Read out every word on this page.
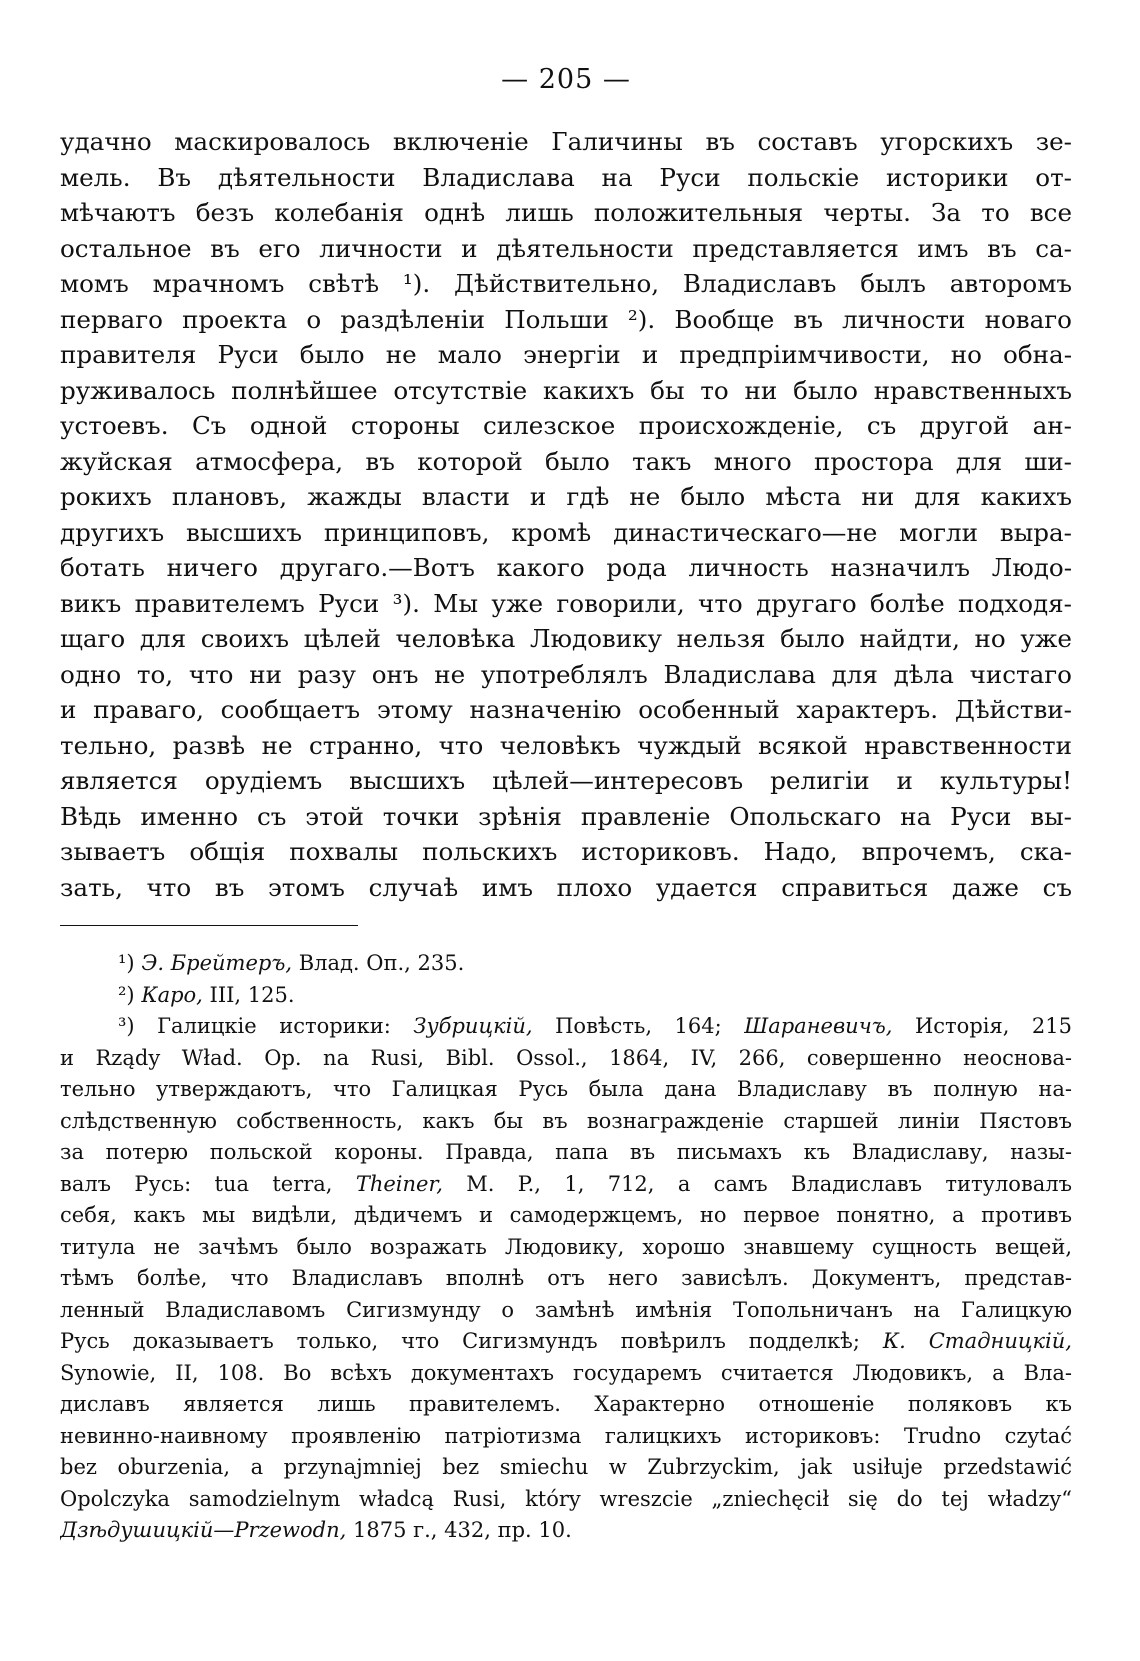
— 205 —
удачно маскировалось включеніе Галичины въ составъ угорскихъ зе-
мель. Въ дѣятельности Владислава на Руси польскіе историки от-
мѣчаютъ безъ колебанія однѣ лишь положительныя черты. За то все
остальное въ его личности и дѣятельности представляется имъ въ са-
момъ мрачномъ свѣтѣ ¹). Дѣйствительно, Владиславъ былъ авторомъ
перваго проекта о раздѣленіи Польши ²). Вообще въ личности новаго
правителя Руси было не мало энергіи и предпріимчивости, но обна-
руживалось полнѣйшее отсутствіе какихъ бы то ни было нравственныхъ
устоевъ. Съ одной стороны силезское происхожденіе, съ другой ан-
жуйская атмосфера, въ которой было такъ много простора для ши-
рокихъ плановъ, жажды власти и гдѣ не было мѣста ни для какихъ
другихъ высшихъ принциповъ, кромѣ династическаго—не могли выра-
ботать ничего другаго.—Вотъ какого рода личность назначилъ Людо-
викъ правителемъ Руси ³). Мы уже говорили, что другаго болѣе подходя-
щаго для своихъ цѣлей человѣка Людовику нельзя было найдти, но уже
одно то, что ни разу онъ не употреблялъ Владислава для дѣла чистаго
и праваго, сообщаетъ этому назначенію особенный характеръ. Дѣйстви-
тельно, развѣ не странно, что человѣкъ чуждый всякой нравственности
является орудіемъ высшихъ цѣлей—интересовъ религіи и культуры!
Вѣдь именно съ этой точки зрѣнія правленіе Опольскаго на Руси вы-
зываетъ общія похвалы польскихъ историковъ. Надо, впрочемъ, ска-
зать, что въ этомъ случаѣ имъ плохо удается справиться даже съ
¹) Э. Брейтеръ, Влад. Оп., 235.
²) Каро, III, 125.
³) Галицкіе историки: Зубрицкій, Повѣсть, 164; Шараневичъ, Исторія, 215
и Rządy Wład. Op. na Rusi, Bibl. Ossol., 1864, IV, 266, совершенно неоснова-
тельно утверждаютъ, что Галицкая Русь была дана Владиславу въ полную на-
слѣдственную собственность, какъ бы въ вознагражденіе старшей линіи Пястовъ
за потерю польской короны. Правда, папа въ письмахъ къ Владиславу, назы-
валъ Русь: tua terra, Theiner, M. P., 1, 712, а самъ Владиславъ титуловалъ
себя, какъ мы видѣли, дѣдичемъ и самодержцемъ, но первое понятно, а противъ
титула не зачѣмъ было возражать Людовику, хорошо знавшему сущность вещей,
тѣмъ болѣе, что Владиславъ вполнѣ отъ него зависѣлъ. Документъ, представ-
ленный Владиславомъ Сигизмунду о замѣнѣ имѣнія Топольничанъ на Галицкую
Русь доказываетъ только, что Сигизмундъ повѣрилъ подделкѣ; К. Стадницкій,
Synowie, II, 108. Во всѣхъ документахъ государемъ считается Людовикъ, а Вла-
диславъ является лишь правителемъ. Характерно отношеніе поляковъ къ
невинно-наивному проявленію патріотизма галицкихъ историковъ: Trudno czytać
bez oburzenia, a przynajmniej bez smiechu w Zubrzyckim, jak usiłuje przedstawić
Opolczyka samodzielnym władcą Rusi, który wreszcie „zniechęcił się do tej władzy“
Дзѣдушицкій—Przewodn, 1875 г., 432, пр. 10.
